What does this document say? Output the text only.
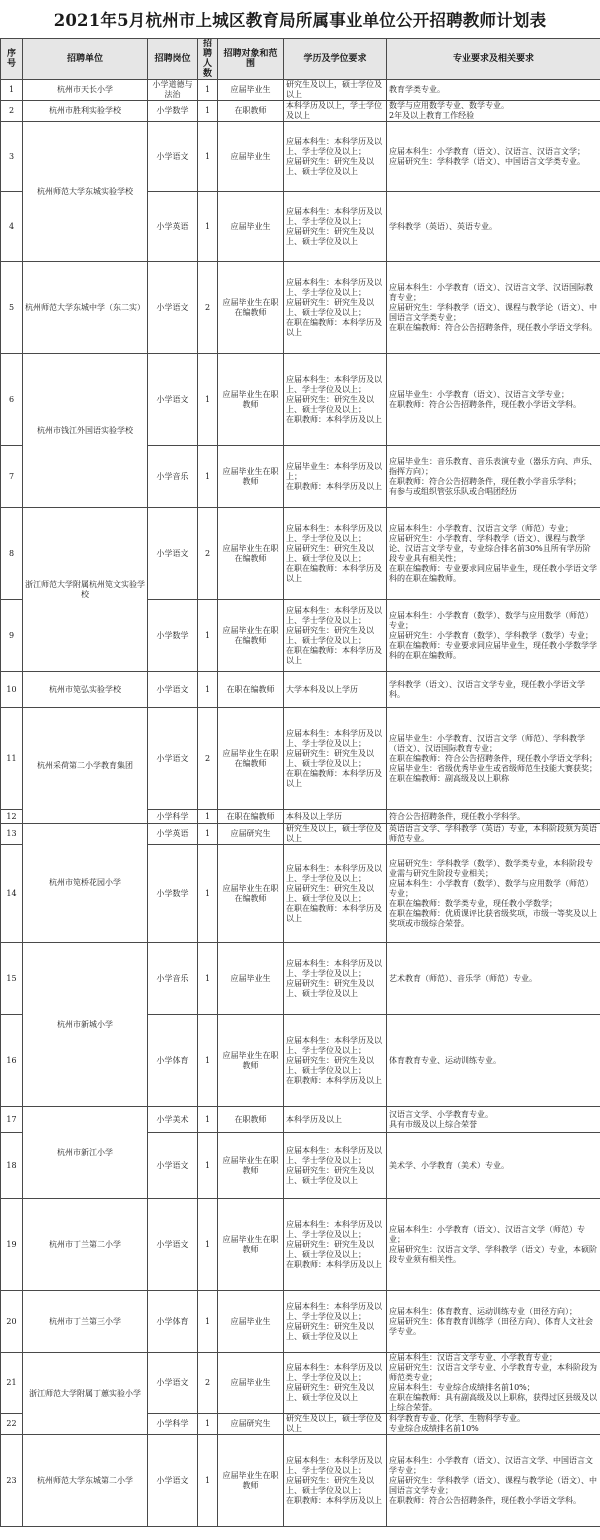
2021年5月杭州市上城区教育局所属事业单位公开招聘教师计划表
序号	招聘单位	招聘岗位	招聘人数	招聘对象和范围	学历及学位要求	专业要求及相关要求
1	杭州市天长小学	小学道德与法治	1	应届毕业生	研究生及以上，硕士学位及以上	教育学类专业。

2	杭州市胜利实验学校	小学数学	1	在职教师	本科学历及以上，学士学位及以上	数学与应用数学专业、数学专业。
2年及以上教育工作经验

3	杭州师范大学东城实验学校	小学语文	1	应届毕业生	应届本科生：本科学历及以上、学士学位及以上；
应届研究生：研究生及以上、硕士学位及以上	应届本科生：小学教育（语文）、汉语言、汉语言文学；
应届研究生：学科教学（语文）、中国语言文学类专业。

4		小学英语	1	应届毕业生	应届本科生：本科学历及以上、学士学位及以上；
应届研究生：研究生及以上、硕士学位及以上	学科教学（英语）、英语专业。

5	杭州师范大学东城中学（东二实）	小学语文	2	应届毕业生在职在编教师	应届本科生：本科学历及以上、学士学位及以上；
应届研究生：研究生及以上、硕士学位及以上；
在职在编教师：本科学历及以上	应届本科生：小学教育（语文）、汉语言文学、汉语国际教育专业；
应届研究生：学科教学（语文）、课程与教学论（语文）、中国语言文学类专业；
在职在编教师：符合公告招聘条件，现任教小学语文学科。

6	杭州市钱江外国语实验学校	小学语文	1	应届毕业生在职教师	应届本科生：本科学历及以上、学士学位及以上；
应届研究生：研究生及以上、硕士学位及以上；
在职教师：本科学历及以上	应届毕业生：小学教育（语文）、汉语言文学专业；
在职教师：符合公告招聘条件，现任教小学语文学科。

7		小学音乐	1	应届毕业生在职教师	应届毕业生：本科学历及以上；
在职教师：本科学历及以上	应届毕业生：音乐教育、音乐表演专业（器乐方向、声乐、指挥方向）；
在职教师：符合公告招聘条件，现任教小学音乐学科；
有参与或组织管弦乐队或合唱团经历

8	浙江师范大学附属杭州笕文实验学校	小学语文	2	应届毕业生在职在编教师	应届本科生：本科学历及以上、学士学位及以上；
应届研究生：研究生及以上、硕士学位及以上；
在职在编教师：本科学历及以上	应届本科生：小学教育、汉语言文学（师范）专业；
应届研究生：小学教育、学科教学（语文）、课程与教学论、汉语言文学专业，专业综合排名前30%且所有学历阶段专业具有相关性；
在职在编教师：专业要求同应届毕业生，现任教小学语文学科的在职在编教师。

9		小学数学	1	应届毕业生在职在编教师	应届本科生：本科学历及以上、学士学位及以上；
应届研究生：研究生及以上、硕士学位及以上；
在职在编教师：本科学历及以上	应届本科生：小学教育（数学）、数学与应用数学（师范）专业；
应届研究生：小学教育（数学）、学科教学（数学）专业；
在职在编教师：专业要求同应届毕业生，现任教小学数学学科的在职在编教师。

10	杭州市笕弘实验学校	小学语文	1	在职在编教师	大学本科及以上学历	学科教学（语文）、汉语言文学专业，现任教小学语文学科。

11	杭州采荷第二小学教育集团	小学语文	2	应届毕业生在职在编教师	应届本科生：本科学历及以上、学士学位及以上；
应届研究生：研究生及以上、硕士学位及以上；
在职在编教师：本科学历及以上	应届毕业生：小学教育、汉语言文学（师范）、学科教学（语文）、汉语国际教育专业；
在职在编教师：符合公告招聘条件，现任教小学语文学科；
应届毕业生：省级优秀毕业生或省级师范生技能大赛获奖；
在职在编教师：副高级及以上职称

12		小学科学	1	在职在编教师	本科及以上学历	符合公告招聘条件，现任教小学科学。

13	杭州市笕桥花园小学	小学英语	1	应届研究生	研究生及以上，硕士学位及以上	英语语言文学、学科教学（英语）专业，本科阶段须为英语师范专业。

14		小学数学	1	应届毕业生在职在编教师	应届本科生：本科学历及以上、学士学位及以上；
应届研究生：研究生及以上、硕士学位及以上；
在职在编教师：本科学历及以上	应届研究生：学科教学（数学）、数学类专业，本科阶段专业需与研究生阶段专业相关；
应届本科生：小学教育（数学）、数学与应用数学（师范）专业；
在职在编教师：数学类专业，现任教小学数学；
在职在编教师：优质课评比获省级奖项，市级一等奖及以上奖项或市级综合荣誉。

15	杭州市新城小学	小学音乐	1	应届毕业生	应届本科生：本科学历及以上、学士学位及以上；
应届研究生：研究生及以上、硕士学位及以上	艺术教育（师范）、音乐学（师范）专业。

16		小学体育	1	应届毕业生在职教师	应届本科生：本科学历及以上、学士学位及以上；
应届研究生：研究生及以上、硕士学位及以上；
在职教师：本科学历及以上	体育教育专业、运动训练专业。

17	杭州市新江小学	小学美术	1	在职教师	本科学历及以上	汉语言文学、小学教育专业。
具有市级及以上综合荣誉

18		小学语文	1	应届毕业生在职教师	应届本科生：本科学历及以上、学士学位及以上；
应届研究生：研究生及以上、硕士学位及以上	美术学、小学教育（美术）专业。

19	杭州市丁兰第二小学	小学语文	1	应届毕业生在职教师	应届本科生：本科学历及以上、学士学位及以上；
应届研究生：研究生及以上、硕士学位及以上；
在职教师：本科学历及以上	应届本科生：小学教育（语文）、汉语言文学（师范）专业；
应届研究生：汉语言文学、学科教学（语文）专业，本硕阶段专业须有相关性。

20	杭州市丁兰第三小学	小学体育	1	应届毕业生	应届本科生：本科学历及以上、学士学位及以上；
应届研究生：研究生及以上、硕士学位及以上	应届本科生：体育教育、运动训练专业（田径方向）；
应届研究生：体育教育训练学（田径方向）、体育人文社会学专业。

21	浙江师范大学附属丁蕙实验小学	小学语文	2	应届毕业生	应届本科生：本科学历及以上、学士学位及以上；
应届研究生：研究生及以上、硕士学位及以上	应届本科生：汉语言文学专业、小学教育专业；
应届研究生：汉语言文学专业、小学教育专业，本科阶段为师范类专业；
应届本科生：专业综合成绩排名前10%；
在职在编教师：具有副高级及以上职称，获得过区县级及以上综合荣誉。

22		小学科学	1	应届研究生	研究生及以上，硕士学位及以上	科学教育专业、化学、生物科学专业。
专业综合成绩排名前10%

23	杭州师范大学东城第二小学	小学语文	1	应届毕业生在职教师	应届本科生：本科学历及以上、学士学位及以上；
应届研究生：研究生及以上、硕士学位及以上；
在职教师：本科学历及以上	应届本科生：小学教育（语文）、汉语言文学、中国语言文学专业；
应届研究生：学科教学（语文）、课程与教学论（语文）、中国语言文学专业；
在职教师：符合公告招聘条件，现任教小学语文学科。
